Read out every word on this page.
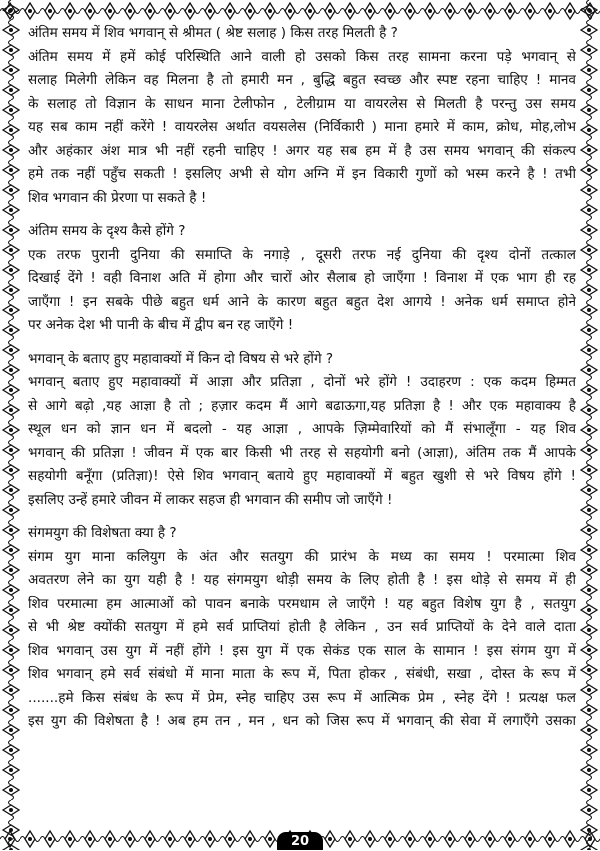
अंतिम समय में शिव भगवान् से श्रीमत ( श्रेष्ट सलाह ) किस तरह मिलती है ?

अंतिम समय में हमें कोई परिस्थिति आने वाली हो उसको किस तरह सामना करना पड़े भगवान् से

सलाह मिलेगी लेकिन वह मिलना है तो हमारी मन , बुद्धि बहुत स्वच्छ और स्पष्ट रहना चाहिए ! मानव

के सलाह तो विज्ञान के साधन माना टेलीफोन , टेलीग्राम या वायरलेस से मिलती है परन्तु उस समय

यह सब काम नहीं करेंगे ! वायरलेस अर्थात वयसलेस (निर्विकारी ) माना हमारे में काम, क्रोध, मोह,लोभ

और अहंकार अंश मात्र भी नहीं रहनी चाहिए ! अगर यह सब हम में है उस समय भगवान् की संकल्प

हमे तक नहीं पहुँच सकती ! इसलिए अभी से योग अग्नि में इन विकारी गुणों को भस्म करने है ! तभी

शिव भगवान की प्रेरणा पा सकते है !

अंतिम समय के दृश्य कैसे होंगे ?

एक तरफ पुरानी दुनिया की समाप्ति के नगाड़े , दूसरी तरफ नई दुनिया की दृश्य दोनों तत्काल

दिखाई देंगे ! वही विनाश अति में होगा और चारों ओर सैलाब हो जाएँगा ! विनाश में एक भाग ही रह

जाएँगा ! इन सबके पीछे बहुत धर्म आने के कारण बहुत बहुत देश आगये ! अनेक धर्म समाप्त होने

पर अनेक देश भी पानी के बीच में द्वीप बन रह जाएँगे !

भगवान् के बताए हुए महावाक्यों में किन दो विषय से भरे होंगे ?

भगवान् बताए हुए महावाक्यों में आज्ञा और प्रतिज्ञा , दोनों भरे होंगे ! उदाहरण : एक कदम हिम्मत

से आगे बढ़ो ,यह आज्ञा है तो ; हज़ार कदम मैं आगे बढाऊगा,यह प्रतिज्ञा है ! और एक महावाक्य है

स्थूल धन को ज्ञान धन में बदलो - यह आज्ञा , आपके ज़िम्मेवारियों को मैं संभालूँगा - यह शिव

भगवान् की प्रतिज्ञा ! जीवन में एक बार किसी भी तरह से सहयोगी बनो (आज्ञा), अंतिम तक मैं आपके

सहयोगी बनूँगा (प्रतिज्ञा)! ऐसे शिव भगवान् बताये हुए महावाक्यों में बहुत खुशी से भरे विषय होंगे !

इसलिए उन्हें हमारे जीवन में लाकर सहज ही भगवान की समीप जो जाएँगे !

संगमयुग की विशेषता क्या है ?

संगम युग माना कलियुग के अंत और सतयुग की प्रारंभ के मध्य का समय ! परमात्मा शिव

अवतरण लेने का युग यही है ! यह संगमयुग थोड़ी समय के लिए होती है ! इस थोड़े से समय में ही

शिव परमात्मा हम आत्माओं को पावन बनाके परमधाम ले जाएँगे ! यह बहुत विशेष युग है , सतयुग

से भी श्रेष्ट क्योंकी सतयुग में हमे सर्व प्राप्तियां होती है लेकिन , उन सर्व प्राप्तियों के देने वाले दाता

शिव भगवान् उस युग में नहीं होंगे ! इस युग में एक सेकंड एक साल के सामान ! इस संगम युग में

शिव भगवान् हमे सर्व संबंधो में माना माता के रूप में, पिता होकर , संबंधी, सखा , दोस्त के रूप में

.......हमे किस संबंध के रूप में प्रेम, स्नेह चाहिए उस रूप में आत्मिक प्रेम , स्नेह देंगे ! प्रत्यक्ष फल

इस युग की विशेषता है ! अब हम तन , मन , धन को जिस रूप में भगवान् की सेवा में लगाएँगे उसका

20
